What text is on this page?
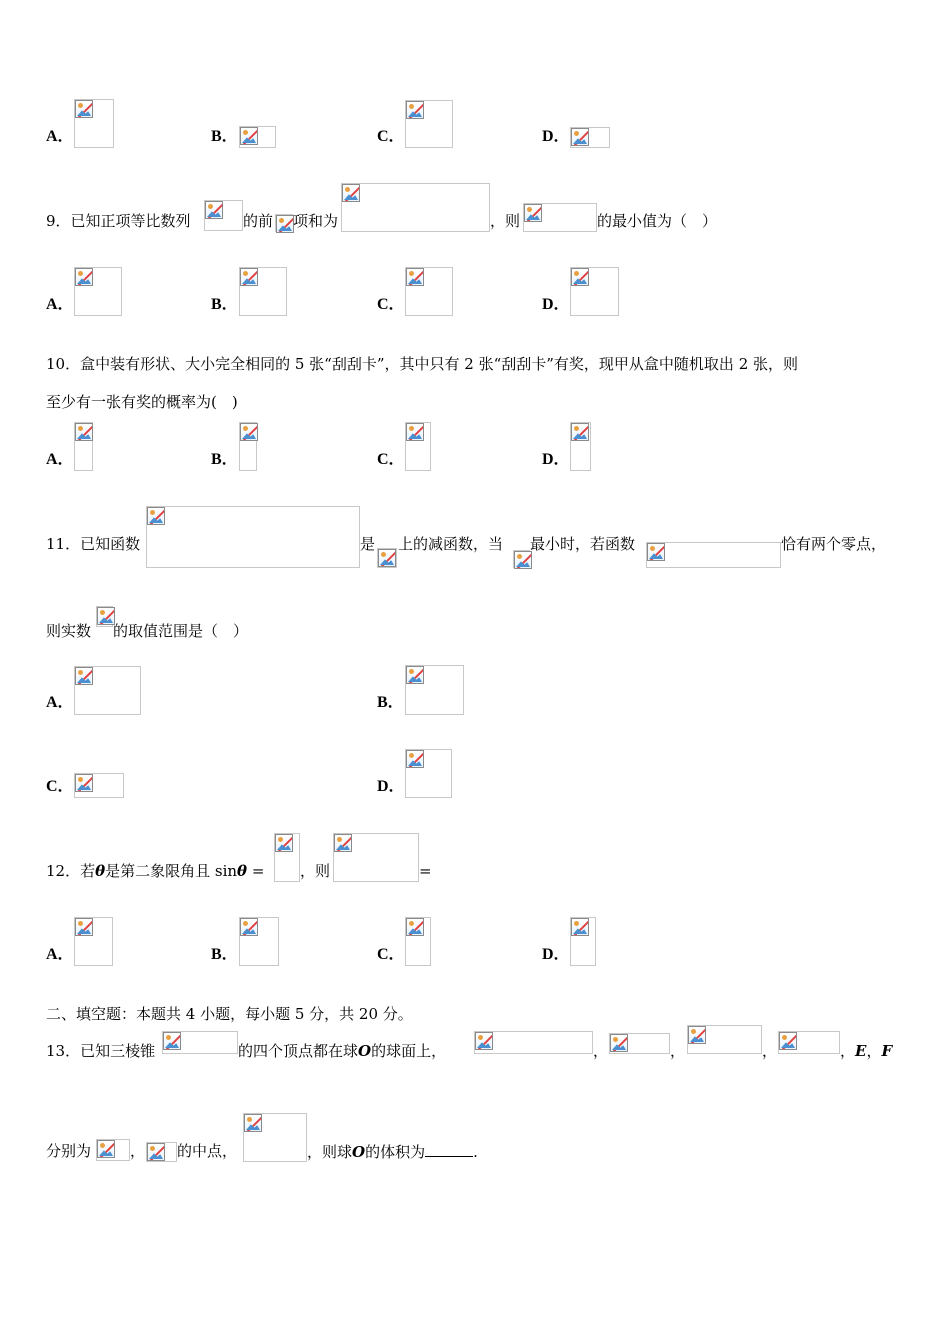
A．	B．	C．	D．
9．已知正项等比数列	的前 项和为	，则	的最小值为（　）
A．	B．	C．	D．
10．盒中装有形状、大小完全相同的 5 张“刮刮卡”，其中只有 2 张“刮刮卡”有奖，现甲从盒中随机取出 2 张，则
至少有一张有奖的概率为(　)
A．	B．	C．	D．
11．已知函数	是 上的减函数，当 最小时，若函数	恰有两个零点，
则实数 的取值范围是（　）
A．	B．
C．	D．
12．若θ是第二象限角且 sinθ = ，则	=
A．	B．	C．	D．
二、填空题：本题共 4 小题，每小题 5 分，共 20 分。
13．已知三棱锥	的四个顶点都在球O的球面上，	，	，	，	，E，F
分别为	， 的中点，	，则球O的体积为	.
